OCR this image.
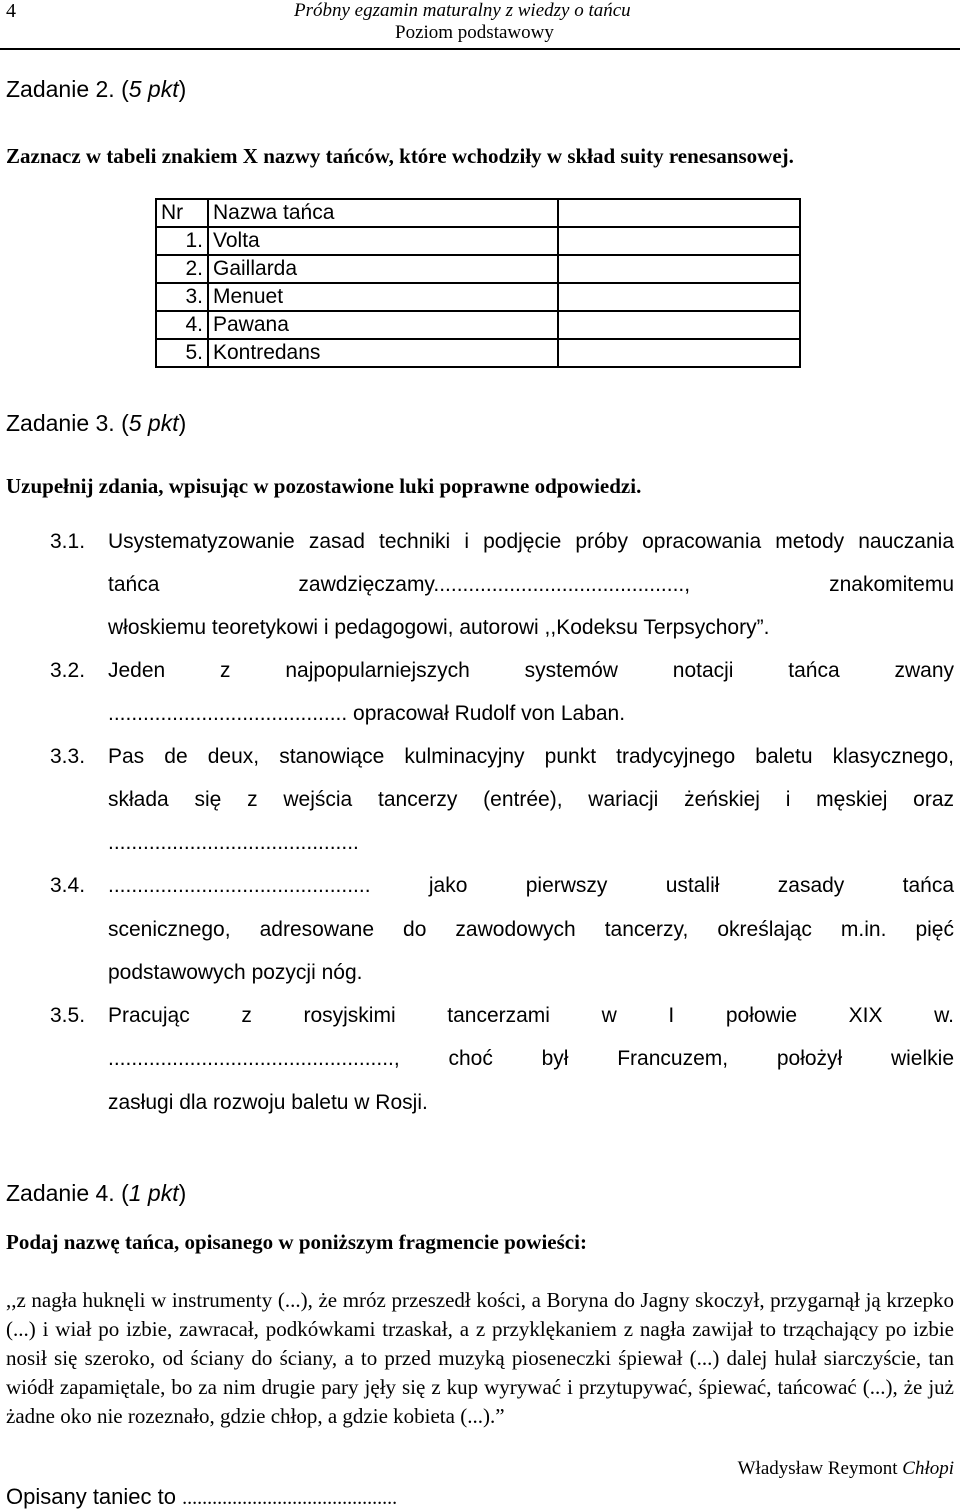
4	Próbny egzamin maturalny z wiedzy o tańcu
Poziom podstawowy
Zadanie 2. (5 pkt)
Zaznacz w tabeli znakiem X nazwy tańców, które wchodziły w skład suity renesansowej.
Nr	Nazwa tańca	
1.	Volta	
2.	Gaillarda	
3.	Menuet	
4.	Pawana	
5.	Kontredans	
Zadanie 3. (5 pkt)
Uzupełnij zdania, wpisując w pozostawione luki poprawne odpowiedzi.
3.1. Usystematyzowanie zasad techniki i podjęcie próby opracowania metody nauczania
tańca zawdzięczamy..........................................., znakomitemu
włoskiemu teoretykowi i pedagogowi, autorowi ,,Kodeksu Terpsychory”.
3.2. Jeden z najpopularniejszych systemów notacji tańca zwany
......................................... opracował Rudolf von Laban.
3.3. Pas de deux, stanowiące kulminacyjny punkt tradycyjnego baletu klasycznego,
składa się z wejścia tancerzy (entrée), wariacji żeńskiej i męskiej oraz
...........................................
3.4. ............................................. jako pierwszy ustalił zasady tańca
scenicznego, adresowane do zawodowych tancerzy, określając m.in. pięć
podstawowych pozycji nóg.
3.5. Pracując z rosyjskimi tancerzami w I połowie XIX w.
................................................., choć był Francuzem, położył wielkie
zasługi dla rozwoju baletu w Rosji.
Zadanie 4. (1 pkt)
Podaj nazwę tańca, opisanego w poniższym fragmencie powieści:
,,z nagła huknęli w instrumenty (...), że mróz przeszedł kości, a Boryna do Jagny skoczył, przygarnął ją krzepko (...) i wiał po izbie, zawracał, podkówkami trzaskał, a z przyklękaniem z nagła zawijał to trząchający po izbie nosił się szeroko, od ściany do ściany, a to przed muzyką pioseneczki śpiewał (...) dalej hulał siarczyście, tan wiódł zapamiętale, bo za nim drugie pary jęły się z kup wyrywać i przytupywać, śpiewać, tańcować (...), że już żadne oko nie rozeznało, gdzie chłop, a gdzie kobieta (...).”
Władysław Reymont Chłopi
Opisany taniec to ...........................................
